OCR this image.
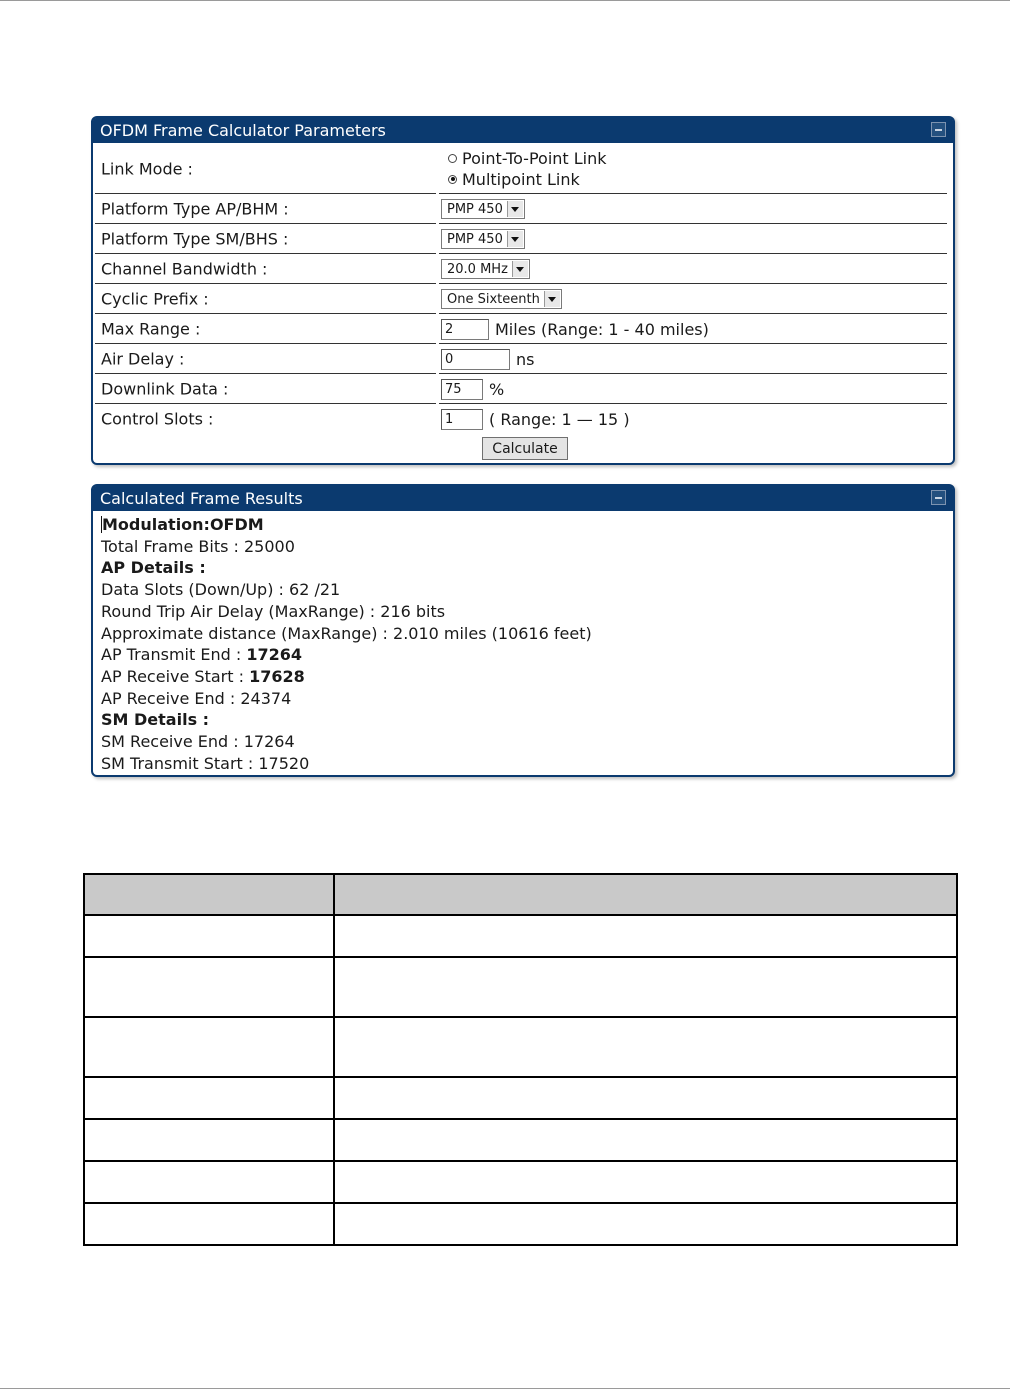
OFDM Frame Calculator Parameters
Link Mode :
Point-To-Point Link
Multipoint Link
Platform Type AP/BHM :	PMP 450
Platform Type SM/BHS :	PMP 450
Channel Bandwidth :	20.0 MHz
Cyclic Prefix :	One Sixteenth
Max Range :	2	Miles (Range: 1 - 40 miles)
Air Delay :	0	ns
Downlink Data :	75	%
Control Slots :	1	( Range: 1 — 15 )
Calculate
Calculated Frame Results
Modulation:OFDM
Total Frame Bits : 25000
AP Details :
Data Slots (Down/Up) : 62 /21
Round Trip Air Delay (MaxRange) : 216 bits
Approximate distance (MaxRange) : 2.010 miles (10616 feet)
AP Transmit End : 17264
AP Receive Start : 17628
AP Receive End : 24374
SM Details :
SM Receive End : 17264
SM Transmit Start : 17520
